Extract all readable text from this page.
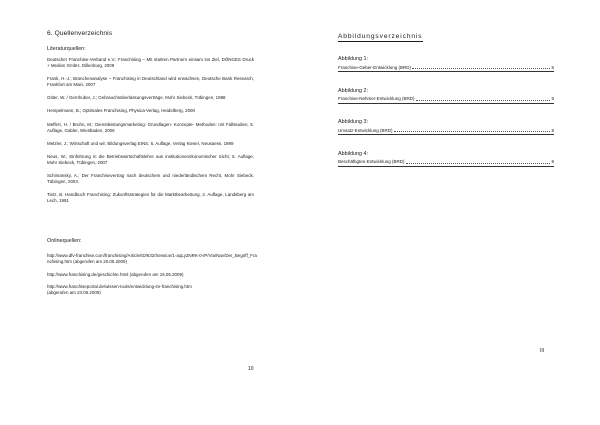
6. Quellenverzeichnis
Literaturquellen:
Deutscher Franchise-Verband e.V.; Franchising – Mit starken Partnern einsam ins Ziel, DÖNGES Druck + Medien GmbH, Dillenburg, 2009
Frank, H.-J.; Branchenanalyse – Franchising in Deutschland wird erwachsen, Deutsche Bank Research, Frankfurt am Main, 2007
Gitter, W. / Gernhuber, J.; Gebrauchsüberlassungsverträge, Mohr Siebeck, Tübingen, 1988
Hempelmann, B.; Optimales Franchising, Physica-Verlag, Heidelberg, 2000
Meffert, H. / Bruhn, M.; Dienstleistungsmarketing: Grundlagen- Konzepte- Methoden: mit Fallstudien, 5. Auflage, Gabler, Wiesbaden, 2006
Metzler, J.; Wirtschaft und wir; Bildungsverlag EINS, 6. Auflage, Verlag Kieser, Neusaess, 1989
Neus, W.; Einführung in die Betriebswirtschaftslehre aus institutionenökonomischer Sicht; 5. Auflage, Mohr Siebeck, Tübingen, 2007
Schimansky, A.; Der Franchisevertrag nach deutschem und niederländischem Recht, Mohr Siebeck, Tübingen, 2003.
Tietz, B. Handbuch Franchising: Zukunftsstrategien für die Marktbearbeitung, 2. Auflage, Landsberg am Lech, 1991
Onlinequellen:
http://www.dfv-franchise.com/franchising/Article/ID/632/Session/1-aqLy2NRK-0-IP/Via/Nav/Der_Begriff_Franchising.htm (abgerufen am 20.05.2009)
http://www.franchising.de/geschichte.html (abgerufen am 16.05.2009)
http://www.franchiseportal.de/wissen-tools/entwicklung-im-franchising.htm
(abgerufen am 23.05.2009)
10
Abbildungsverzeichnis
Abbildung 1:
Franchise-Geber-Entwicklung (BRD)	5
Abbildung 2:
Franchise-Nehmer-Entwicklung (BRD)	5
Abbildung 3:
Umsatz-Entwicklung (BRD)	8
Abbildung 4:
Beschäftigten-Entwicklung (BRD)	8
III
